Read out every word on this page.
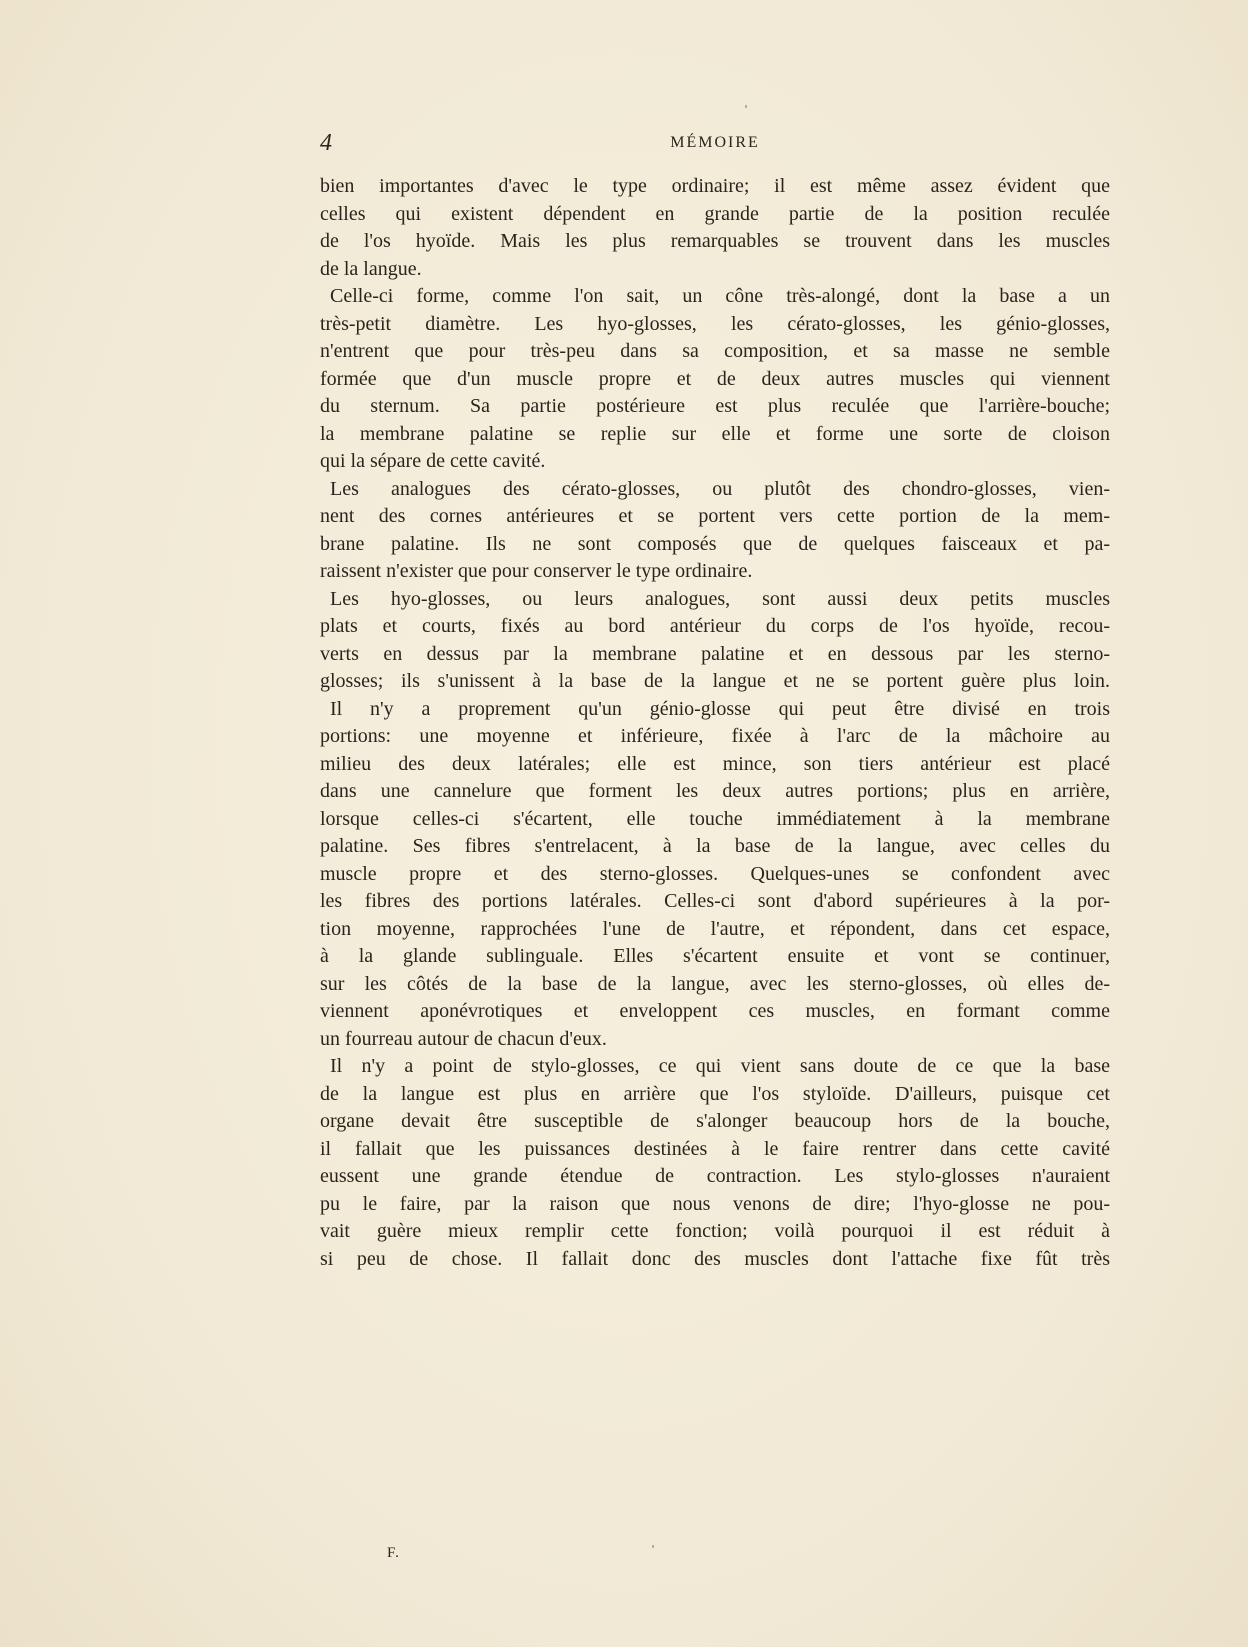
4	MÉMOIRE
bien importantes d'avec le type ordinaire; il est même assez évident que
celles qui existent dépendent en grande partie de la position reculée
de l'os hyoïde. Mais les plus remarquables se trouvent dans les muscles
de la langue.
Celle-ci forme, comme l'on sait, un cône très-alongé, dont la base a un
très-petit diamètre. Les hyo-glosses, les cérato-glosses, les génio-glosses,
n'entrent que pour très-peu dans sa composition, et sa masse ne semble
formée que d'un muscle propre et de deux autres muscles qui viennent
du sternum. Sa partie postérieure est plus reculée que l'arrière-bouche;
la membrane palatine se replie sur elle et forme une sorte de cloison
qui la sépare de cette cavité.
Les analogues des cérato-glosses, ou plutôt des chondro-glosses, vien-
nent des cornes antérieures et se portent vers cette portion de la mem-
brane palatine. Ils ne sont composés que de quelques faisceaux et pa-
raissent n'exister que pour conserver le type ordinaire.
Les hyo-glosses, ou leurs analogues, sont aussi deux petits muscles
plats et courts, fixés au bord antérieur du corps de l'os hyoïde, recou-
verts en dessus par la membrane palatine et en dessous par les sterno-
glosses; ils s'unissent à la base de la langue et ne se portent guère plus loin.
Il n'y a proprement qu'un génio-glosse qui peut être divisé en trois
portions: une moyenne et inférieure, fixée à l'arc de la mâchoire au
milieu des deux latérales; elle est mince, son tiers antérieur est placé
dans une cannelure que forment les deux autres portions; plus en arrière,
lorsque celles-ci s'écartent, elle touche immédiatement à la membrane
palatine. Ses fibres s'entrelacent, à la base de la langue, avec celles du
muscle propre et des sterno-glosses. Quelques-unes se confondent avec
les fibres des portions latérales. Celles-ci sont d'abord supérieures à la por-
tion moyenne, rapprochées l'une de l'autre, et répondent, dans cet espace,
à la glande sublinguale. Elles s'écartent ensuite et vont se continuer,
sur les côtés de la base de la langue, avec les sterno-glosses, où elles de-
viennent aponévrotiques et enveloppent ces muscles, en formant comme
un fourreau autour de chacun d'eux.
Il n'y a point de stylo-glosses, ce qui vient sans doute de ce que la base
de la langue est plus en arrière que l'os styloïde. D'ailleurs, puisque cet
organe devait être susceptible de s'alonger beaucoup hors de la bouche,
il fallait que les puissances destinées à le faire rentrer dans cette cavité
eussent une grande étendue de contraction. Les stylo-glosses n'auraient
pu le faire, par la raison que nous venons de dire; l'hyo-glosse ne pou-
vait guère mieux remplir cette fonction; voilà pourquoi il est réduit à
si peu de chose. Il fallait donc des muscles dont l'attache fixe fût très
F.
